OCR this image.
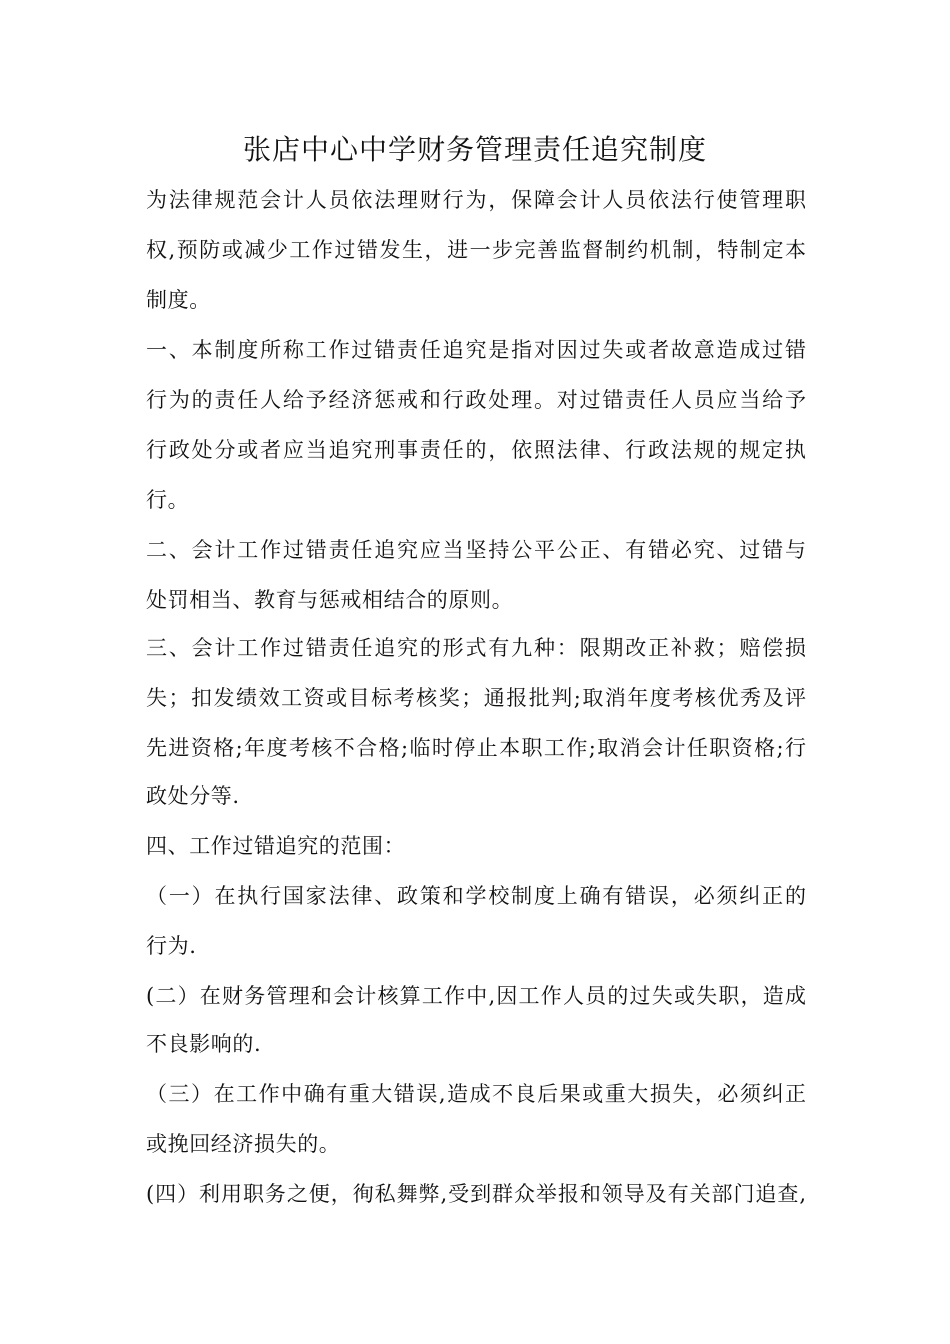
张店中心中学财务管理责任追究制度
为法律规范会计人员依法理财行为，保障会计人员依法行使管理职
权,预防或减少工作过错发生，进一步完善监督制约机制，特制定本
制度。
一、本制度所称工作过错责任追究是指对因过失或者故意造成过错
行为的责任人给予经济惩戒和行政处理。对过错责任人员应当给予
行政处分或者应当追究刑事责任的，依照法律、行政法规的规定执
行。
二、会计工作过错责任追究应当坚持公平公正、有错必究、过错与
处罚相当、教育与惩戒相结合的原则。
三、会计工作过错责任追究的形式有九种：限期改正补救；赔偿损
失；扣发绩效工资或目标考核奖；通报批判;取消年度考核优秀及评
先进资格;年度考核不合格;临时停止本职工作;取消会计任职资格;行
政处分等.
四、工作过错追究的范围：
（一）在执行国家法律、政策和学校制度上确有错误，必须纠正的
行为.
(二）在财务管理和会计核算工作中,因工作人员的过失或失职，造成
不良影响的.
（三）在工作中确有重大错误,造成不良后果或重大损失，必须纠正
或挽回经济损失的。
(四）利用职务之便，徇私舞弊,受到群众举报和领导及有关部门追查,
